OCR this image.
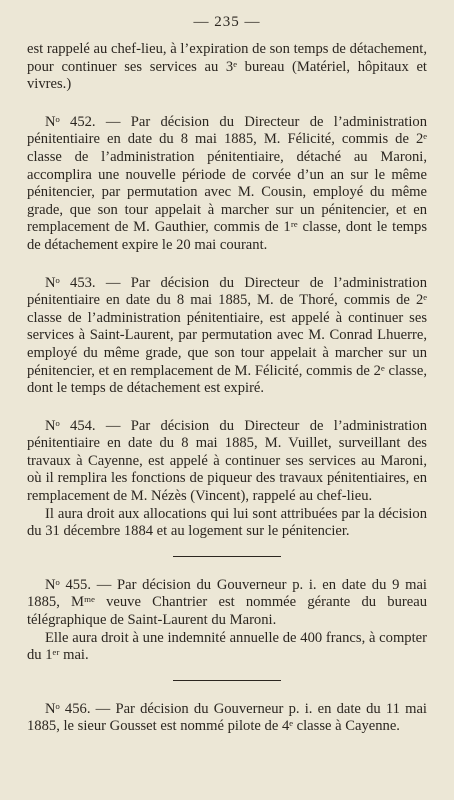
— 235 —

est rappelé au chef-lieu, à l’expiration de son temps de détachement, pour continuer ses services au 3ᵉ bureau (Matériel, hôpitaux et vivres.)

Nᵒ 452. — Par décision du Directeur de l’administration pénitentiaire en date du 8 mai 1885, M. Félicité, commis de 2ᵉ classe de l’administration pénitentiaire, détaché au Maroni, accomplira une nouvelle période de corvée d’un an sur le même pénitencier, par permutation avec M. Cousin, employé du même grade, que son tour appelait à marcher sur un pénitencier, et en remplacement de M. Gauthier, commis de 1ʳᵉ classe, dont le temps de détachement expire le 20 mai courant.

Nᵒ 453. — Par décision du Directeur de l’administration pénitentiaire en date du 8 mai 1885, M. de Thoré, commis de 2ᵉ classe de l’administration pénitentiaire, est appelé à continuer ses services à Saint-Laurent, par permutation avec M. Conrad Lhuerre, employé du même grade, que son tour appelait à marcher sur un pénitencier, et en remplacement de M. Félicité, commis de 2ᵉ classe, dont le temps de détachement est expiré.

Nᵒ 454. — Par décision du Directeur de l’administration pénitentiaire en date du 8 mai 1885, M. Vuillet, surveillant des travaux à Cayenne, est appelé à continuer ses services au Maroni, où il remplira les fonctions de piqueur des travaux pénitentiaires, en remplacement de M. Nézès (Vincent), rappelé au chef-lieu.

Il aura droit aux allocations qui lui sont attribuées par la décision du 31 décembre 1884 et au logement sur le pénitencier.

Nᵒ 455. — Par décision du Gouverneur p. i. en date du 9 mai 1885, Mᵐᵉ veuve Chantrier est nommée gérante du bureau télégraphique de Saint-Laurent du Maroni.

Elle aura droit à une indemnité annuelle de 400 francs, à compter du 1ᵉʳ mai.

Nᵒ 456. — Par décision du Gouverneur p. i. en date du 11 mai 1885, le sieur Gousset est nommé pilote de 4ᵉ classe à Cayenne.
